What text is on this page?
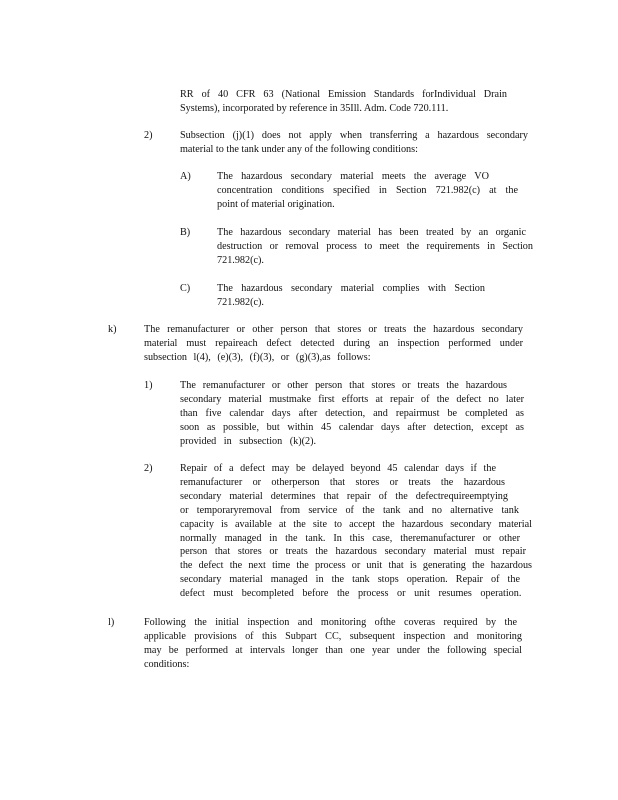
RR of 40 CFR 63 (National Emission Standards forIndividual Drain
Systems), incorporated by reference in 35Ill. Adm. Code 720.111.

2)	Subsection (j)(1) does not apply when transferring a hazardous secondary
material to the tank under any of the following conditions:

A)	The hazardous secondary material meets the average VO
concentration conditions specified in Section 721.982(c) at the
point of material origination.

B)	The hazardous secondary material has been treated by an organic
destruction or removal process to meet the requirements in Section
721.982(c).

C)	The hazardous secondary material complies with Section
721.982(c).

k)	The remanufacturer or other person that stores or treats the hazardous secondary
material must repaireach defect detected during an inspection performed under
subsection l(4), (e)(3), (f)(3), or (g)(3),as follows:

1)	The remanufacturer or other person that stores or treats the hazardous
secondary material mustmake first efforts at repair of the defect no later
than five calendar days after detection, and repairmust be completed as
soon as possible, but within 45 calendar days after detection, except as
provided in subsection (k)(2).

2)	Repair of a defect may be delayed beyond 45 calendar days if the
remanufacturer or otherperson that stores or treats the hazardous
secondary material determines that repair of the defectrequireemptying
or temporaryremoval from service of the tank and no alternative tank
capacity is available at the site to accept the hazardous secondary material
normally managed in the tank. In this case, theremanufacturer or other
person that stores or treats the hazardous secondary material must repair
the defect the next time the process or unit that is generating the hazardous
secondary material managed in the tank stops operation. Repair of the
defect must becompleted before the process or unit resumes operation.

l)	Following the initial inspection and monitoring ofthe coveras required by the
applicable provisions of this Subpart CC, subsequent inspection and monitoring
may be performed at intervals longer than one year under the following special
conditions:
